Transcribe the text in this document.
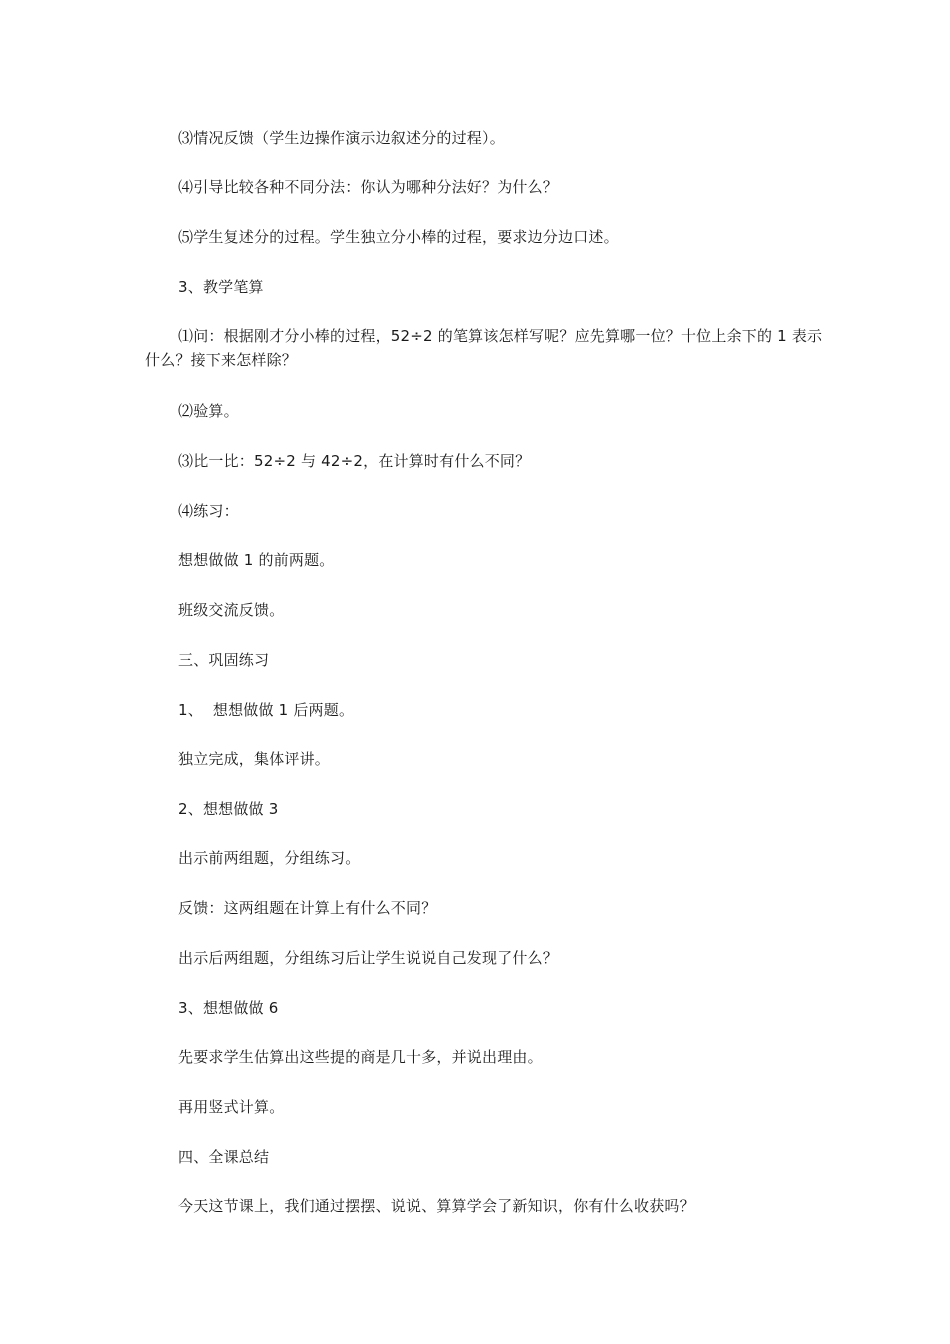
⑶情况反馈（学生边操作演示边叙述分的过程）。

⑷引导比较各种不同分法：你认为哪种分法好？为什么？

⑸学生复述分的过程。学生独立分小棒的过程，要求边分边口述。

3、教学笔算

⑴问：根据刚才分小棒的过程，52÷2 的笔算该怎样写呢？应先算哪一位？十位上余下的 1 表示什么？接下来怎样除？

⑵验算。

⑶比一比：52÷2 与 42÷2，在计算时有什么不同？

⑷练习：

想想做做 1 的前两题。

班级交流反馈。

三、巩固练习

1、  想想做做 1 后两题。

独立完成，集体评讲。

2、想想做做 3

出示前两组题，分组练习。

反馈：这两组题在计算上有什么不同？

出示后两组题，分组练习后让学生说说自己发现了什么？

3、想想做做 6

先要求学生估算出这些提的商是几十多，并说出理由。

再用竖式计算。

四、全课总结

今天这节课上，我们通过摆摆、说说、算算学会了新知识，你有什么收获吗？
